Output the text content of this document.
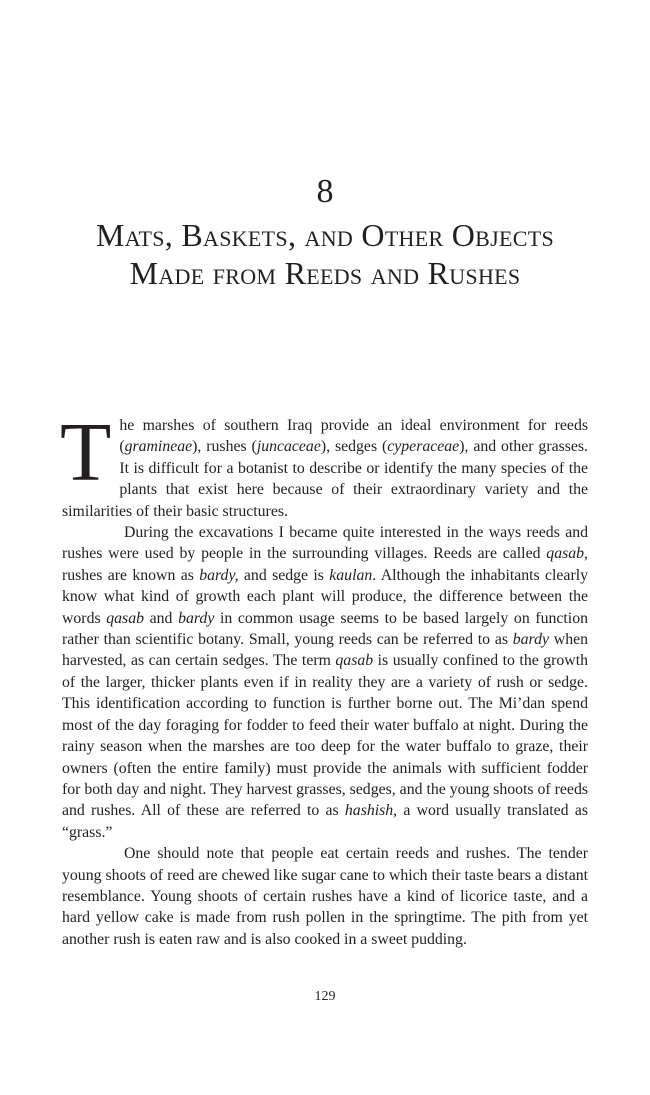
8
Mats, Baskets, and Other Objects
Made from Reeds and Rushes

The marshes of southern Iraq provide an ideal environment for reeds (gramineae), rushes (juncaceae), sedges (cyperaceae), and other grasses. It is difficult for a botanist to describe or identify the many species of the plants that exist here because of their extraordinary variety and the similarities of their basic structures.

During the excavations I became quite interested in the ways reeds and rushes were used by people in the surrounding villages. Reeds are called qasab, rushes are known as bardy, and sedge is kaulan. Although the inhabitants clearly know what kind of growth each plant will produce, the difference between the words qasab and bardy in common usage seems to be based largely on function rather than scientific botany. Small, young reeds can be referred to as bardy when harvested, as can certain sedges. The term qasab is usually confined to the growth of the larger, thicker plants even if in reality they are a variety of rush or sedge. This identification according to function is further borne out. The Mi’dan spend most of the day foraging for fodder to feed their water buffalo at night. During the rainy season when the marshes are too deep for the water buffalo to graze, their owners (often the entire family) must provide the animals with sufficient fodder for both day and night. They harvest grasses, sedges, and the young shoots of reeds and rushes. All of these are referred to as hashish, a word usually translated as “grass.”

One should note that people eat certain reeds and rushes. The tender young shoots of reed are chewed like sugar cane to which their taste bears a distant resemblance. Young shoots of certain rushes have a kind of licorice taste, and a hard yellow cake is made from rush pollen in the springtime. The pith from yet another rush is eaten raw and is also cooked in a sweet pudding.

129
